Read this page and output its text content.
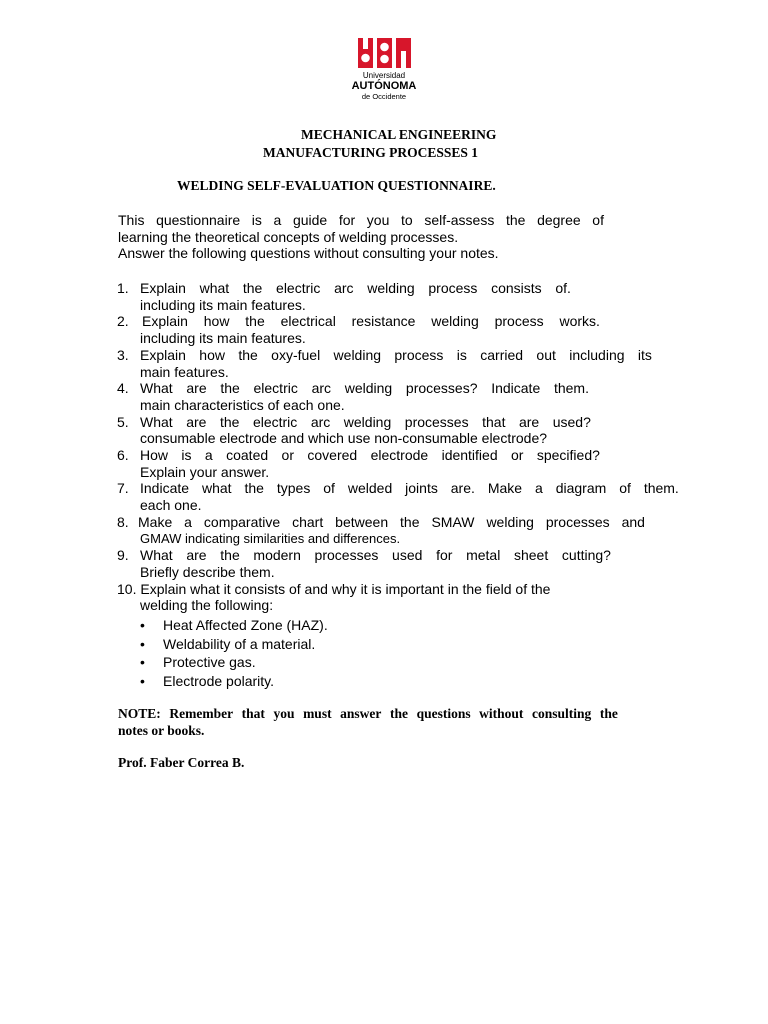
Universidad
AUTÓNOMA
de Occidente
MECHANICAL ENGINEERING
MANUFACTURING PROCESSES 1
WELDING SELF-EVALUATION QUESTIONNAIRE.
This questionnaire is a guide for you to self-assess the degree of
learning the theoretical concepts of welding processes.
Answer the following questions without consulting your notes.
1. Explain what the electric arc welding process consists of.
including its main features.
2. Explain how the electrical resistance welding process works.
including its main features.
3. Explain how the oxy-fuel welding process is carried out including its
main features.
4. What are the electric arc welding processes? Indicate them.
main characteristics of each one.
5. What are the electric arc welding processes that are used?
consumable electrode and which use non-consumable electrode?
6. How is a coated or covered electrode identified or specified?
Explain your answer.
7. Indicate what the types of welded joints are. Make a diagram of them.
each one.
8. Make a comparative chart between the SMAW welding processes and
GMAW indicating similarities and differences.
9. What are the modern processes used for metal sheet cutting?
Briefly describe them.
10. Explain what it consists of and why it is important in the field of the
welding the following:
• Heat Affected Zone (HAZ).
• Weldability of a material.
• Protective gas.
• Electrode polarity.
NOTE: Remember that you must answer the questions without consulting the
notes or books.
Prof. Faber Correa B.
